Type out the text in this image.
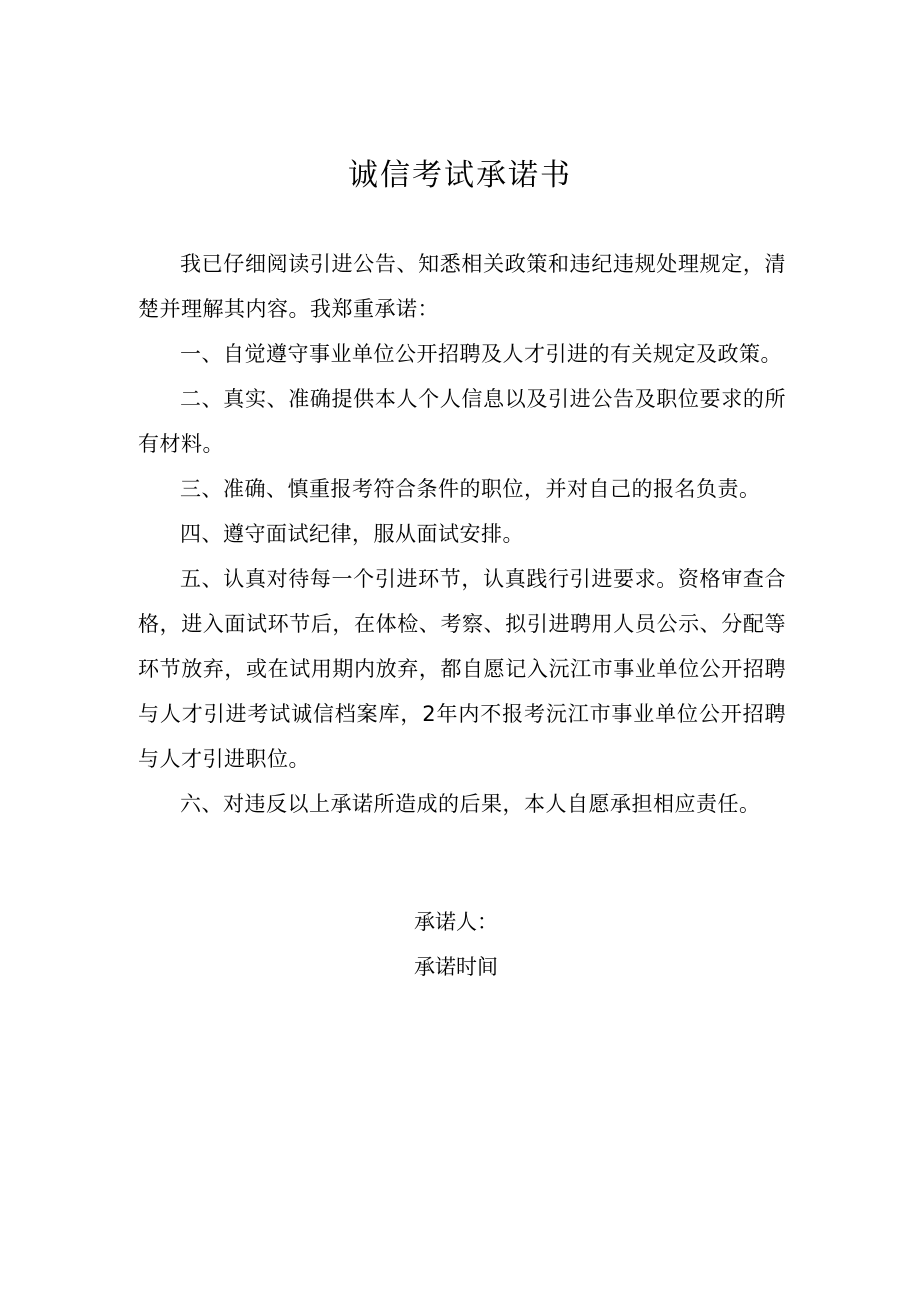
诚信考试承诺书

我已仔细阅读引进公告、知悉相关政策和违纪违规处理规定，清楚并理解其内容。我郑重承诺：

一、自觉遵守事业单位公开招聘及人才引进的有关规定及政策。

二、真实、准确提供本人个人信息以及引进公告及职位要求的所有材料。

三、准确、慎重报考符合条件的职位，并对自己的报名负责。

四、遵守面试纪律，服从面试安排。

五、认真对待每一个引进环节，认真践行引进要求。资格审查合格，进入面试环节后，在体检、考察、拟引进聘用人员公示、分配等环节放弃，或在试用期内放弃，都自愿记入沅江市事业单位公开招聘与人才引进考试诚信档案库，2年内不报考沅江市事业单位公开招聘与人才引进职位。

六、对违反以上承诺所造成的后果，本人自愿承担相应责任。

承诺人：
承诺时间
